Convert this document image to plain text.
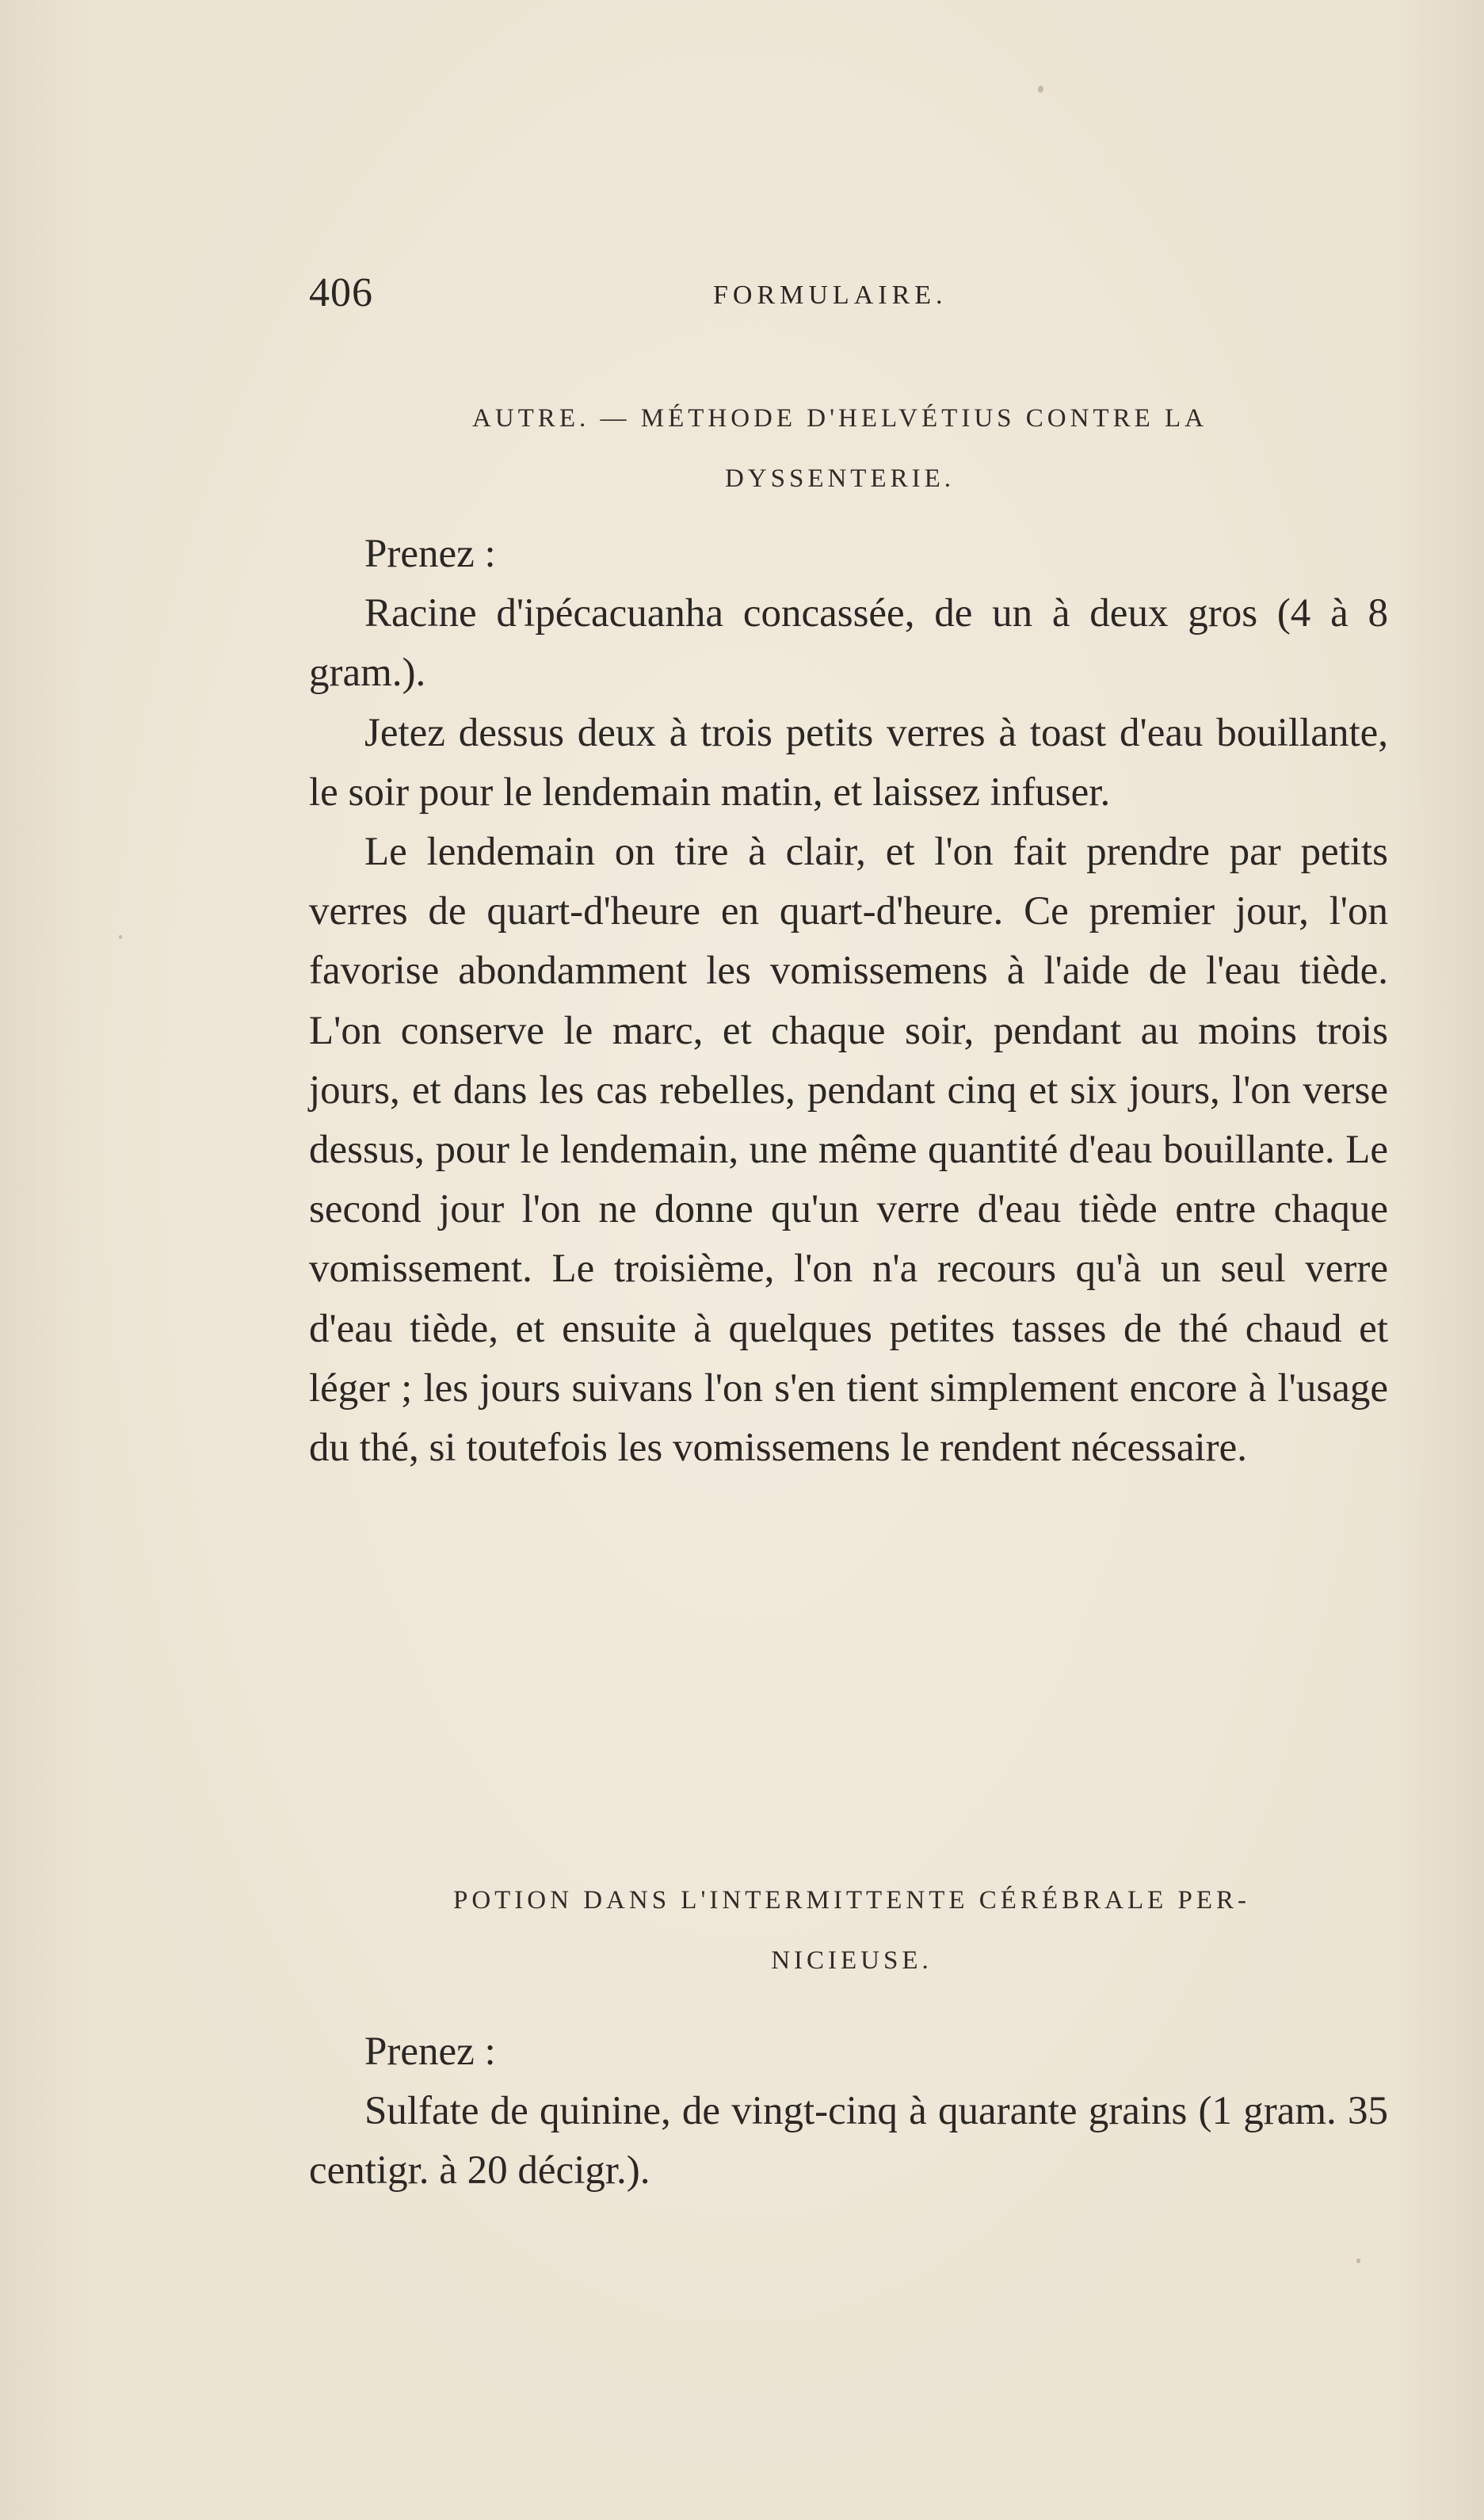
406	FORMULAIRE.
AUTRE. — MÉTHODE D'HELVÉTIUS CONTRE LA
DYSSENTERIE.

Prenez :

Racine d'ipécacuanha concassée, de un à deux gros (4 à 8 gram.).

Jetez dessus deux à trois petits verres à toast d'eau bouillante, le soir pour le lendemain matin, et laissez infuser.

Le lendemain on tire à clair, et l'on fait prendre par petits verres de quart-d'heure en quart-d'heure. Ce premier jour, l'on favorise abondamment les vomissemens à l'aide de l'eau tiède. L'on conserve le marc, et chaque soir, pendant au moins trois jours, et dans les cas rebelles, pendant cinq et six jours, l'on verse dessus, pour le lendemain, une même quantité d'eau bouillante. Le second jour l'on ne donne qu'un verre d'eau tiède entre chaque vomissement. Le troisième, l'on n'a recours qu'à un seul verre d'eau tiède, et ensuite à quelques petites tasses de thé chaud et léger ; les jours suivans l'on s'en tient simplement encore à l'usage du thé, si toutefois les vomissemens le rendent nécessaire.

POTION DANS L'INTERMITTENTE CÉRÉBRALE PER-
NICIEUSE.

Prenez :

Sulfate de quinine, de vingt-cinq à quarante grains (1 gram. 35 centigr. à 20 décigr.).
